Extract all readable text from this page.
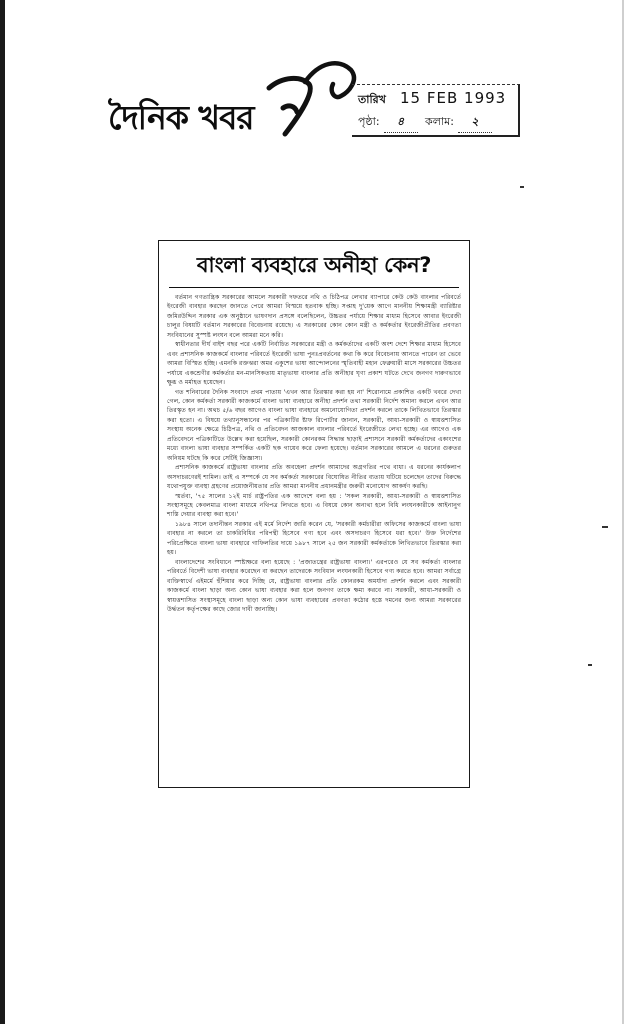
দৈনিক খবর	তারিখ 15 FEB 1993
পৃষ্ঠা: ৪ কলাম: ২
বাংলা ব্যবহারে অনীহা কেন?

বর্তমান গণতান্ত্রিক সরকারের আমলে সরকারী দফতরে নথি ও চিঠিপত্র লেখার ব্যাপারে কেউ কেউ বাংলার পরিবর্তে ইংরেজী ব্যবহার করছেন জানতে পেরে আমরা বিস্ময়ে হতবাক হচ্ছি। সপ্তাহ দু'য়েক আগে মাননীয় শিক্ষামন্ত্রী ব্যারিষ্টার জমিরউদ্দিন সরকার এক অনুষ্ঠানে ভাষণদান প্রসঙ্গে বলেছিলেন, উচ্চতর পর্যায়ে শিক্ষার মাধ্যম হিসেবে আবার ইংরেজী চালুর বিষয়টি বর্তমান সরকারের বিবেচনায় রয়েছে। এ সরকারের কোন কোন মন্ত্রী ও কর্মকর্তার ইংরেজীপ্রীতির প্রবণতা সংবিধানের সুস্পষ্ট লংঘন বলে আমরা মনে করি।

স্বাধীনতার দীর্ঘ বাইশ বছর পরে একটি নির্বাচিত সরকারের মন্ত্রী ও কর্মকর্তাদের একটি অংশ দেশে শিক্ষার মাধ্যম হিসেবে এবং প্রশাসনিক কাজকর্মে বাংলার পরিবর্তে ইংরেজী ভাষা পুনঃপ্রবর্তনের কথা কি করে বিবেচনায় আনতে পারেন তা ভেবে আমরা বিস্মিত হচ্ছি। এমনকি রক্তঝরা অমর একুশের ভাষা আন্দোলনের স্মৃতিবাহী মহান ফেব্রুয়ারী মাসে সরকারের উচ্চতর পর্যায়ে একশ্রেণীর কর্মকর্তার মন-মানসিকতায় মাতৃভাষা বাংলার প্রতি অনীহার ঘৃণ্য প্রকাশ ঘটতে দেখে জনগণ দারুণভাবে ক্ষুব্ধ ও মর্মাহত হয়েছেন।

গত শনিবারের দৈনিক সংবাদে প্রথম পাতায় 'এখন আর তিরস্কার করা হয় না' শিরোনামে প্রকাশিত একটি খবরে দেখা গেল, কোন কর্মকর্তা সরকারী কাজকর্মে বাংলা ভাষা ব্যবহারে অনীহা প্রদর্শন তথা সরকারী নির্দেশ অমান্য করলে এখন আর তিরস্কৃত হন না। অথচ ৫/৬ বছর আগেও বাংলা ভাষা ব্যবহারে অমনোযোগিতা প্রদর্শন করলে তাকে লিখিতভাবে তিরস্কার করা হতো। এ বিষয়ে তথ্যানুসন্ধানের পর পত্রিকাটির ষ্টাফ রিপোর্টার জানান, সরকারী, আধা-সরকারী ও স্বায়ত্তশাসিত সংস্থায় অনেক ক্ষেত্রে চিঠিপত্র, নথি ও প্রতিবেদন আজকাল বাংলার পরিবর্তে ইংরেজীতে লেখা হচ্ছে। এর আগেও এক প্রতিবেদনে পত্রিকাটিতে উল্লেখ করা হয়েছিল, সরকারী কোনরকম সিদ্ধান্ত ছাড়াই প্রশাসনে সরকারী কর্মকর্তাদের একাংশের মধ্যে বাংলা ভাষা ব্যবহার সম্পর্কিত একটি ছক গায়েব করে ফেলা হয়েছে। বর্তমান সরকারের আমলে এ ধরনের গুরুতর অনিয়ম ঘটছে কি করে সেটিই জিজ্ঞাস্য।

প্রশাসনিক কাজকর্মে রাষ্ট্রভাষা বাংলার প্রতি অবহেলা প্রদর্শন আমাদের অগ্রগতির পথে বাধা। এ ধরনের কার্যকলাপ অসদাচরণেরই শামিল। তাই এ সম্পর্কে যে সব কর্মকর্তা সরকারের বিঘোষিত নীতির ব্যত্যয় ঘটিয়ে চলেছেন তাদের বিরুদ্ধে যথোপযুক্ত ব্যবস্থা গ্রহণের প্রয়োজনীয়তার প্রতি আমরা মাননীয় প্রধানমন্ত্রীর জরুরী মনোযোগ আকর্ষণ করছি।

স্মর্তব্য, '৭৫ সালের ১২ই মার্চ রাষ্ট্রপতির এক আদেশে বলা হয় : 'সকল সরকারী, আধা-সরকারী ও স্বায়ত্তশাসিত সংস্থাসমূহে কেবলমাত্র বাংলা মাধ্যমে নথিপত্র লিখতে হবে। এ বিষয়ে কোন অন্যথা হলে বিধি লংঘনকারীকে আইনানুগ শাস্তি দেয়ার ব্যবস্থা করা হবে।'

১৯৮৪ সালে তদানীন্তন সরকার এই মর্মে নির্দেশ জারি করেন যে, 'সরকারী কর্মচারীরা অফিসের কাজকর্মে বাংলা ভাষা ব্যবহার না করলে তা চাকরিবিধির পরিপন্থী হিসেবে গণ্য হবে এবং অসদাচরণ হিসেবে ধরা হবে।' উক্ত নির্দেশের পরিপ্রেক্ষিতে বাংলা ভাষা ব্যবহারে গাফিলতির দায়ে ১৯৮৭ সালে ২৫ জন সরকারী কর্মকর্তাকে লিখিতভাবে তিরস্কার করা হয়।

বাংলাদেশের সংবিধানে স্পষ্টাক্ষরে বলা হয়েছে : 'প্রজাতন্ত্রের রাষ্ট্রভাষা বাংলা।' এরপরেও যে সব কর্মকর্তা বাংলার পরিবর্তে বিদেশী ভাষা ব্যবহার করেছেন বা করছেন তাদেরকে সংবিধান লংঘনকারী হিসেবে গণ্য করতে হবে। আমরা সর্বাগ্রে ব্যক্তিস্বার্থে এইমর্মে হুঁশিয়ার করে দিচ্ছি যে, রাষ্ট্রভাষা বাংলার প্রতি কোনরকম অমর্যাদা প্রদর্শন করলে এবং সরকারী কাজকর্মে বাংলা ছাড়া অন্য কোন ভাষা ব্যবহার করা হলে জনগণ তাকে ক্ষমা করবে না। সরকারী, আধা-সরকারী ও স্বায়ত্তশাসিত সংস্থাসমূহে বাংলা ছাড়া অন্য কোন ভাষা ব্যবহারের প্রবণতা কঠোর হস্তে দমনের জন্য আমরা সরকারের উর্দ্ধতন কর্তৃপক্ষের কাছে জোর দাবী জানাচ্ছি।
